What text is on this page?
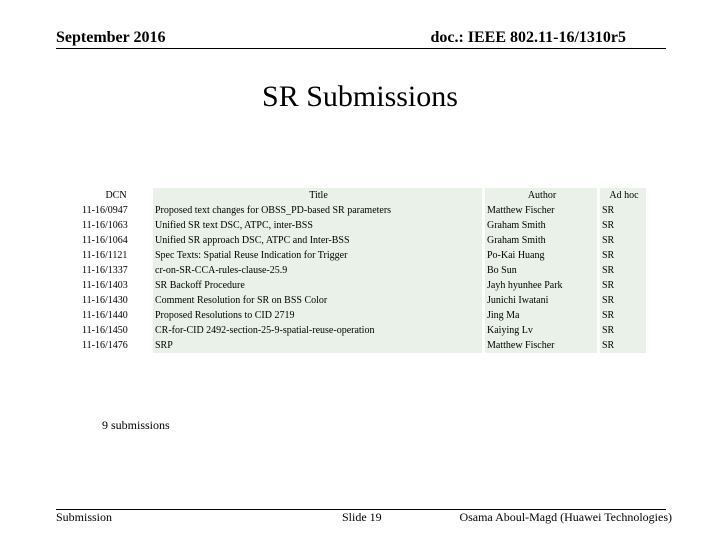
September 2016	doc.: IEEE 802.11-16/1310r5
SR Submissions
DCN		Title		Author		Ad hoc
11-16/0947		Proposed text changes for OBSS_PD-based SR parameters		Matthew Fischer		SR
11-16/1063		Unified SR text DSC, ATPC, inter-BSS		Graham Smith		SR
11-16/1064		Unified SR approach DSC, ATPC and Inter-BSS		Graham Smith		SR
11-16/1121		Spec Texts: Spatial Reuse Indication for Trigger		Po-Kai Huang		SR
11-16/1337		cr-on-SR-CCA-rules-clause-25.9		Bo Sun		SR
11-16/1403		SR Backoff Procedure		Jayh hyunhee Park		SR
11-16/1430		Comment Resolution for SR on BSS Color		Junichi Iwatani		SR
11-16/1440		Proposed Resolutions to CID 2719		Jing Ma		SR
11-16/1450		CR-for-CID 2492-section-25-9-spatial-reuse-operation		Kaiying Lv		SR
11-16/1476		SRP		Matthew Fischer		SR
9 submissions
Submission	Slide 19	Osama Aboul-Magd (Huawei Technologies)
